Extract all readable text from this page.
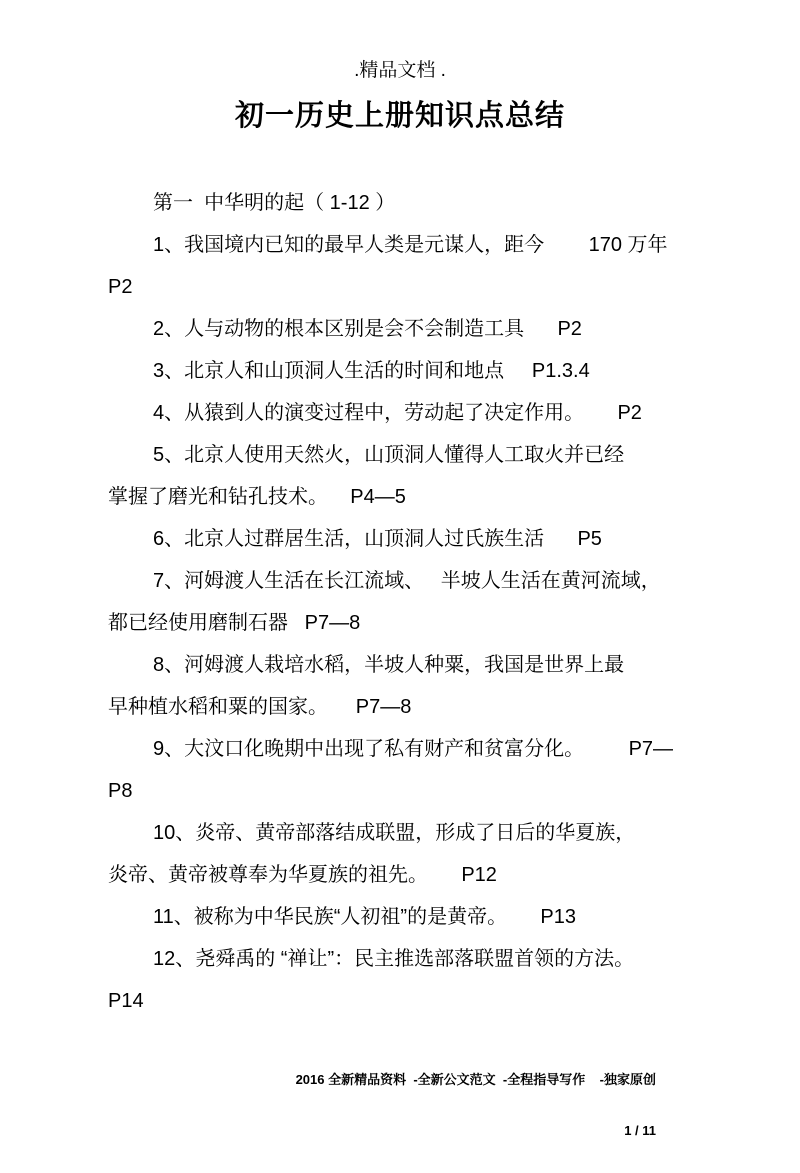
.精品文档 .
初一历史上册知识点总结
第一  中华明的起（ 1-12 ）
1、我国境内已知的最早人类是元谋人，距今        170 万年
P2
2、人与动物的根本区别是会不会制造工具      P2
3、北京人和山顶洞人生活的时间和地点     P1.3.4
4、从猿到人的演变过程中，劳动起了决定作用。      P2
5、北京人使用天然火，山顶洞人懂得人工取火并已经
掌握了磨光和钻孔技术。    P4—5
6、北京人过群居生活，山顶洞人过氏族生活      P5
7、河姆渡人生活在长江流域、   半坡人生活在黄河流域，
都已经使用磨制石器   P7—8
8、河姆渡人栽培水稻，半坡人种粟，我国是世界上最
早种植水稻和粟的国家。     P7—8
9、大汶口化晚期中出现了私有财产和贫富分化。        P7—
P8
10、炎帝、黄帝部落结成联盟，形成了日后的华夏族，
炎帝、黄帝被尊奉为华夏族的祖先。      P12
11、被称为中华民族“人初祖”的是黄帝。      P13
12、尧舜禹的 “禅让”：民主推选部落联盟首领的方法。
P14

2016 全新精品资料  -全新公文范文  -全程指导写作    -独家原创

1 / 11
